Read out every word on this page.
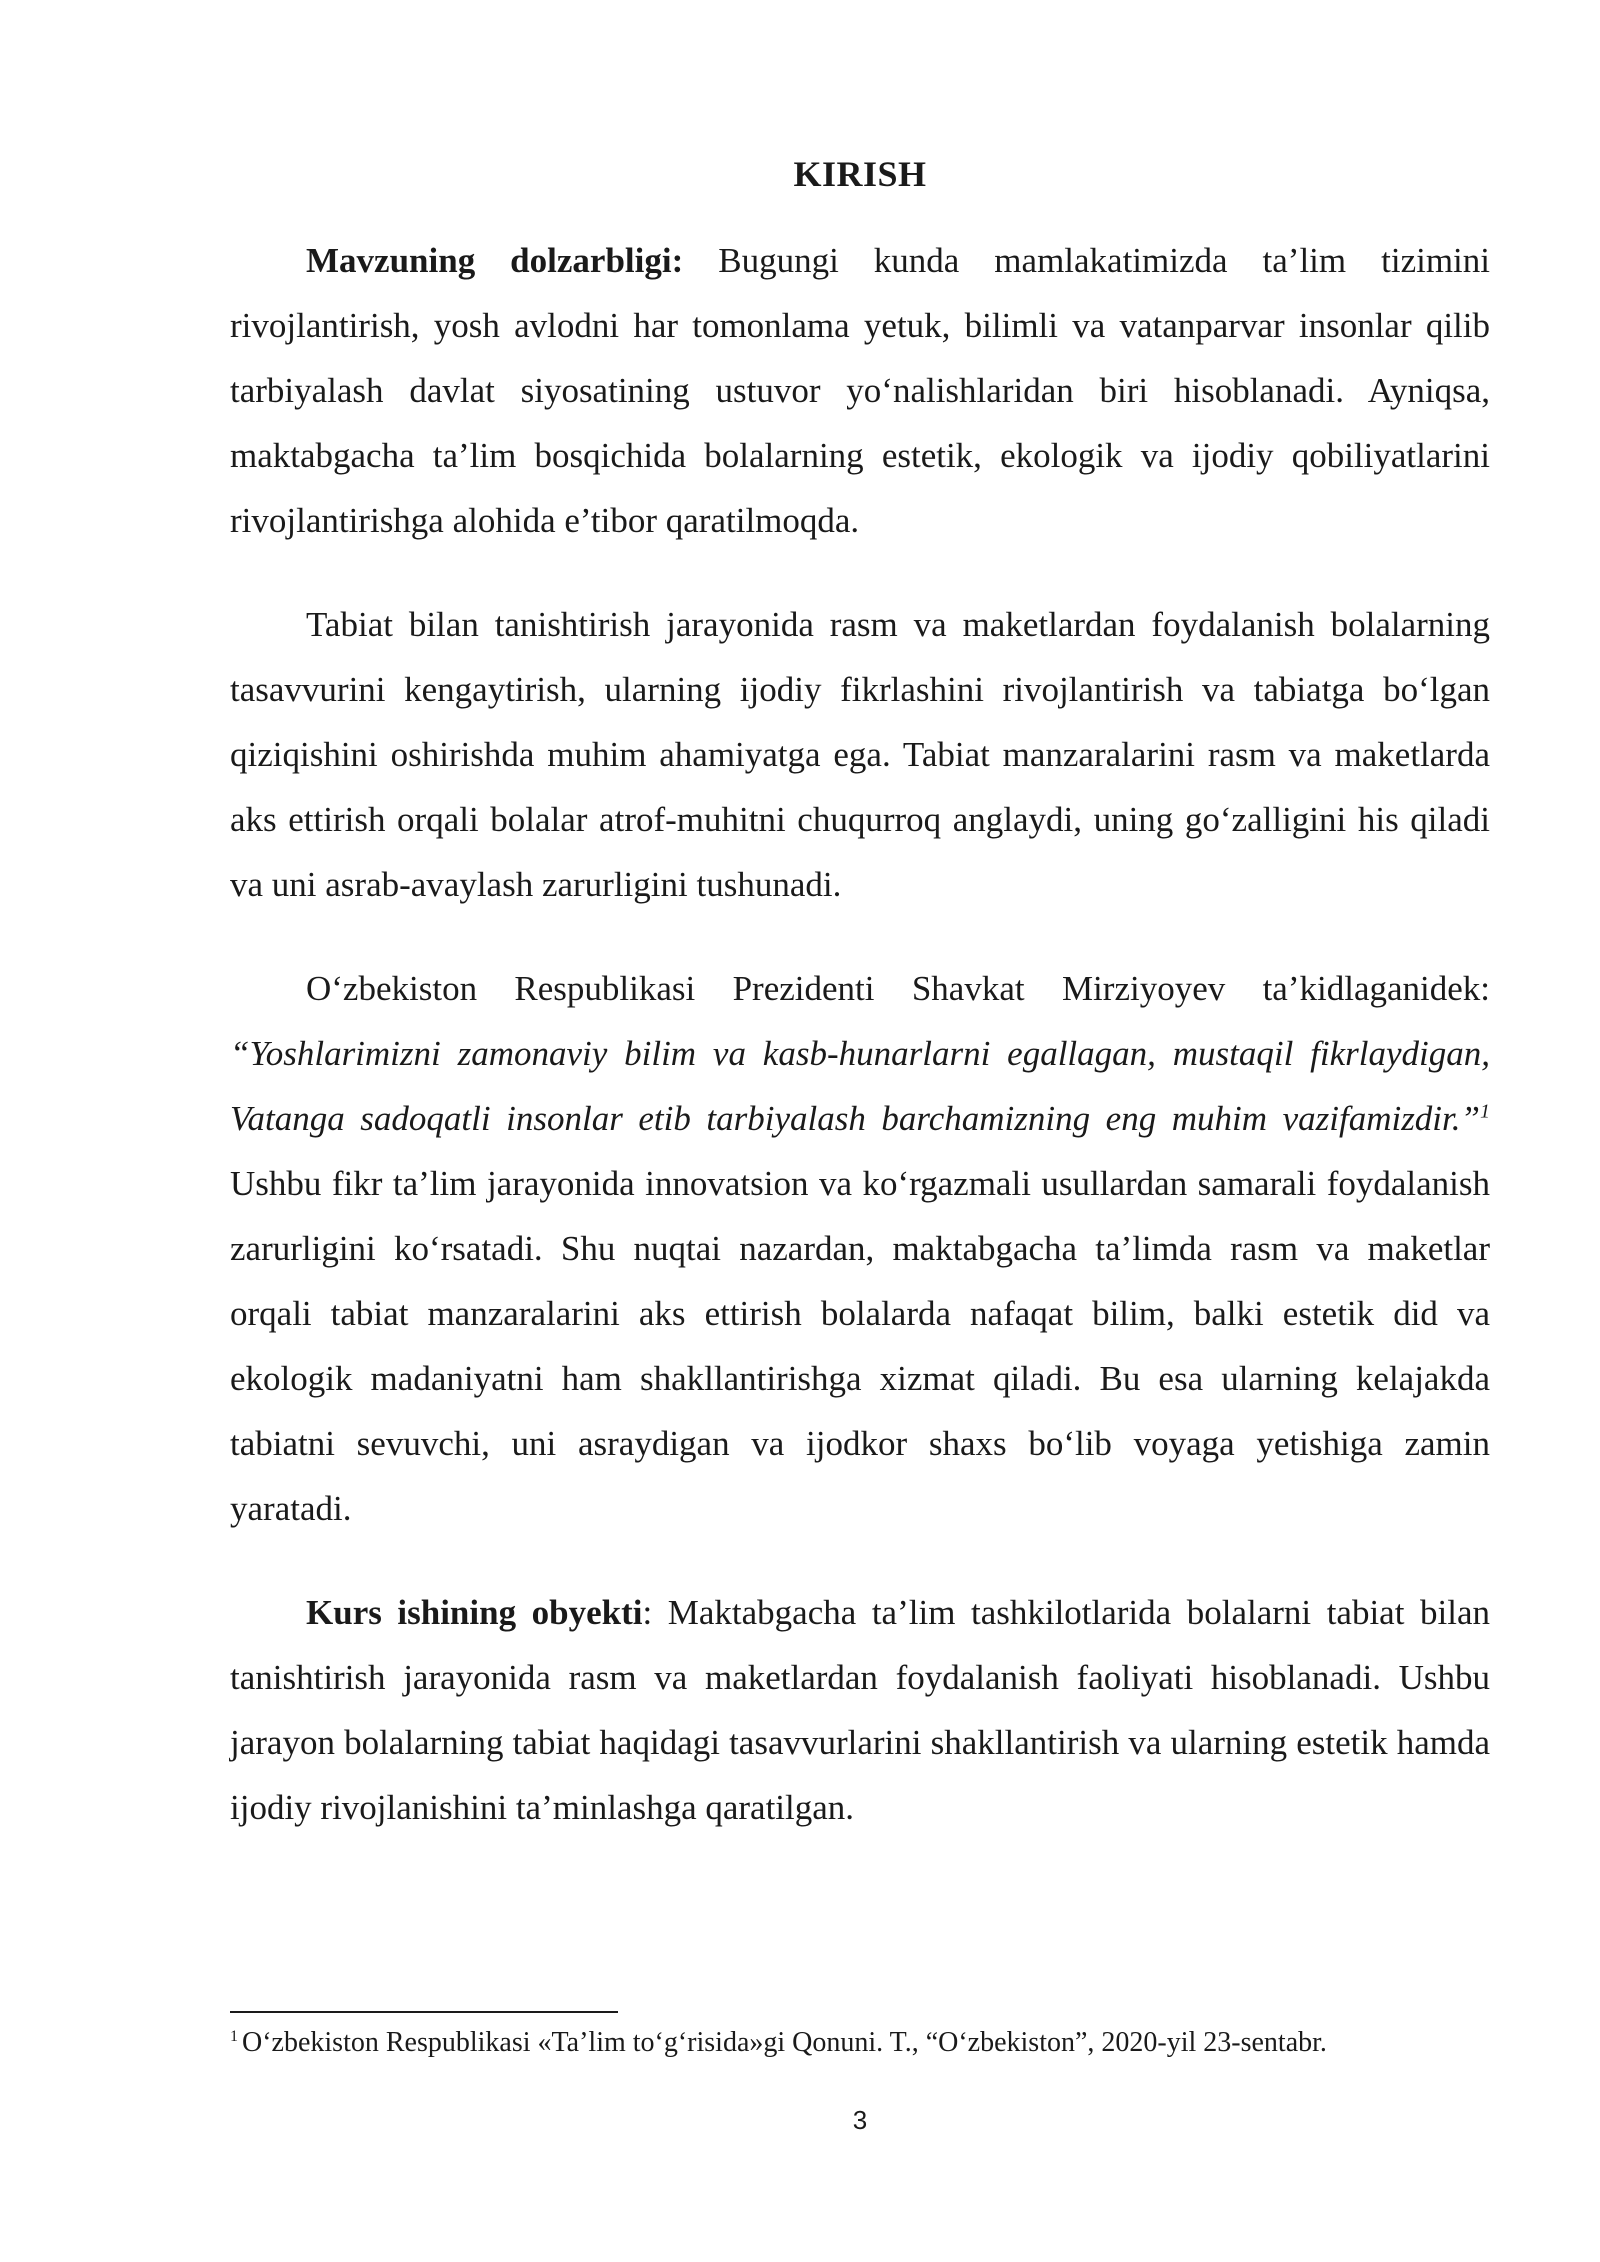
KIRISH

Mavzuning dolzarbligi: Bugungi kunda mamlakatimizda ta’lim tizimini rivojlantirish, yosh avlodni har tomonlama yetuk, bilimli va vatanparvar insonlar qilib tarbiyalash davlat siyosatining ustuvor yo‘nalishlaridan biri hisoblanadi. Ayniqsa, maktabgacha ta’lim bosqichida bolalarning estetik, ekologik va ijodiy qobiliyatlarini rivojlantirishga alohida e’tibor qaratilmoqda.

Tabiat bilan tanishtirish jarayonida rasm va maketlardan foydalanish bolalarning tasavvurini kengaytirish, ularning ijodiy fikrlashini rivojlantirish va tabiatga bo‘lgan qiziqishini oshirishda muhim ahamiyatga ega. Tabiat manzaralarini rasm va maketlarda aks ettirish orqali bolalar atrof-muhitni chuqurroq anglaydi, uning go‘zalligini his qiladi va uni asrab-avaylash zarurligini tushunadi.

O‘zbekiston Respublikasi Prezidenti Shavkat Mirziyoyev ta’kidlaganidek: “Yoshlarimizni zamonaviy bilim va kasb-hunarlarni egallagan, mustaqil fikrlaydigan, Vatanga sadoqatli insonlar etib tarbiyalash barchamizning eng muhim vazifamizdir.”$^1$ Ushbu fikr ta’lim jarayonida innovatsion va ko‘rgazmali usullardan samarali foydalanish zarurligini ko‘rsatadi. Shu nuqtai nazardan, maktabgacha ta’limda rasm va maketlar orqali tabiat manzaralarini aks ettirish bolalarda nafaqat bilim, balki estetik did va ekologik madaniyatni ham shakllantirishga xizmat qiladi. Bu esa ularning kelajakda tabiatni sevuvchi, uni asraydigan va ijodkor shaxs bo‘lib voyaga yetishiga zamin yaratadi.

Kurs ishining obyekti: Maktabgacha ta’lim tashkilotlarida bolalarni tabiat bilan tanishtirish jarayonida rasm va maketlardan foydalanish faoliyati hisoblanadi. Ushbu jarayon bolalarning tabiat haqidagi tasavvurlarini shakllantirish va ularning estetik hamda ijodiy rivojlanishini ta’minlashga qaratilgan.

$^1$ O‘zbekiston Respublikasi «Ta’lim to‘g‘risida»gi Qonuni. T., “O‘zbekiston”, 2020-yil 23-sentabr.
3
